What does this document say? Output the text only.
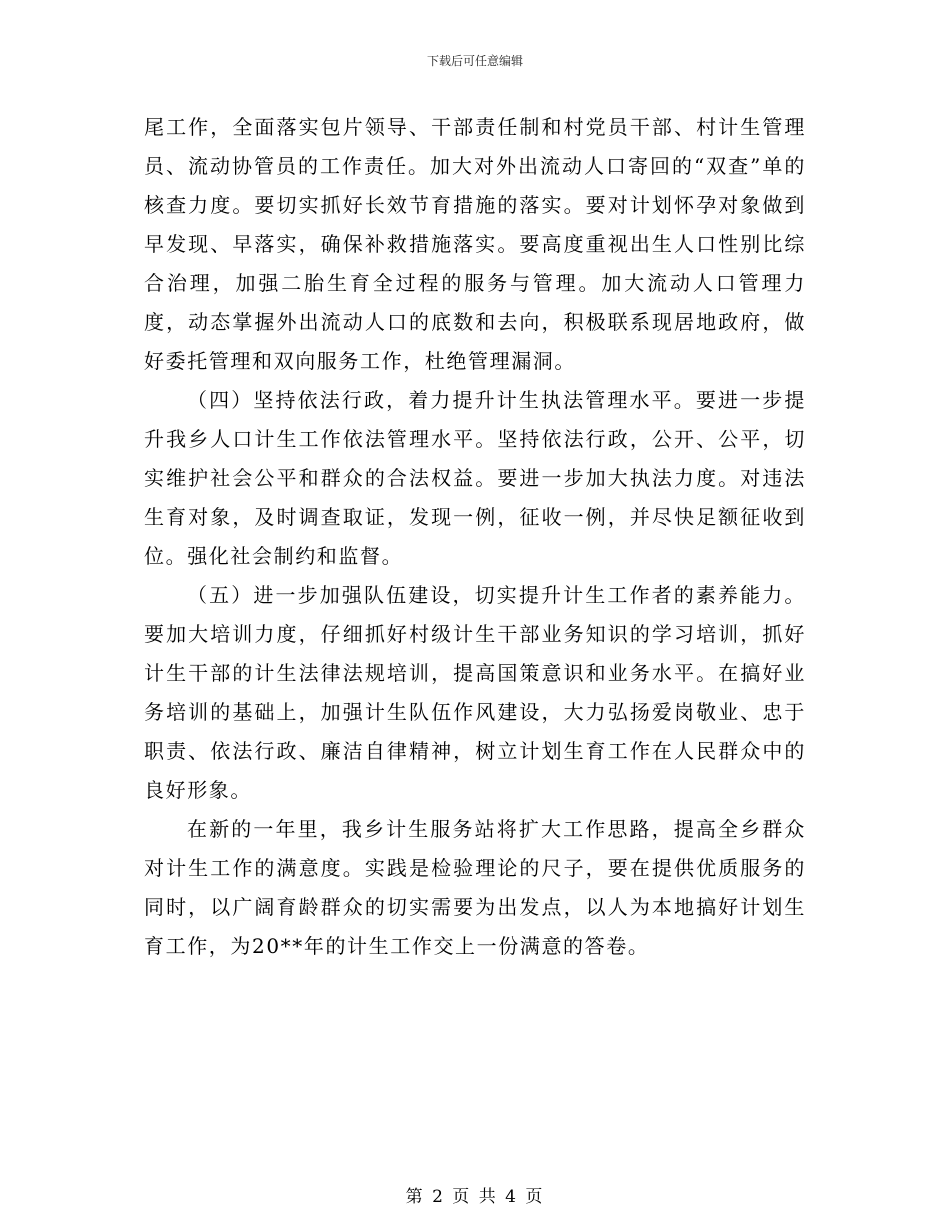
下载后可任意编辑

尾工作，全面落实包片领导、干部责任制和村党员干部、村计生管理员、流动协管员的工作责任。加大对外出流动人口寄回的“双查”单的核查力度。要切实抓好长效节育措施的落实。要对计划怀孕对象做到早发现、早落实，确保补救措施落实。要高度重视出生人口性别比综合治理，加强二胎生育全过程的服务与管理。加大流动人口管理力度，动态掌握外出流动人口的底数和去向，积极联系现居地政府，做好委托管理和双向服务工作，杜绝管理漏洞。

（四）坚持依法行政，着力提升计生执法管理水平。要进一步提升我乡人口计生工作依法管理水平。坚持依法行政，公开、公平，切实维护社会公平和群众的合法权益。要进一步加大执法力度。对违法生育对象，及时调查取证，发现一例，征收一例，并尽快足额征收到位。强化社会制约和监督。

（五）进一步加强队伍建设，切实提升计生工作者的素养能力。要加大培训力度，仔细抓好村级计生干部业务知识的学习培训，抓好计生干部的计生法律法规培训，提高国策意识和业务水平。在搞好业务培训的基础上，加强计生队伍作风建设，大力弘扬爱岗敬业、忠于职责、依法行政、廉洁自律精神，树立计划生育工作在人民群众中的良好形象。

在新的一年里，我乡计生服务站将扩大工作思路，提高全乡群众对计生工作的满意度。实践是检验理论的尺子，要在提供优质服务的同时，以广阔育龄群众的切实需要为出发点，以人为本地搞好计划生育工作，为20**年的计生工作交上一份满意的答卷。

第 2 页 共 4 页
